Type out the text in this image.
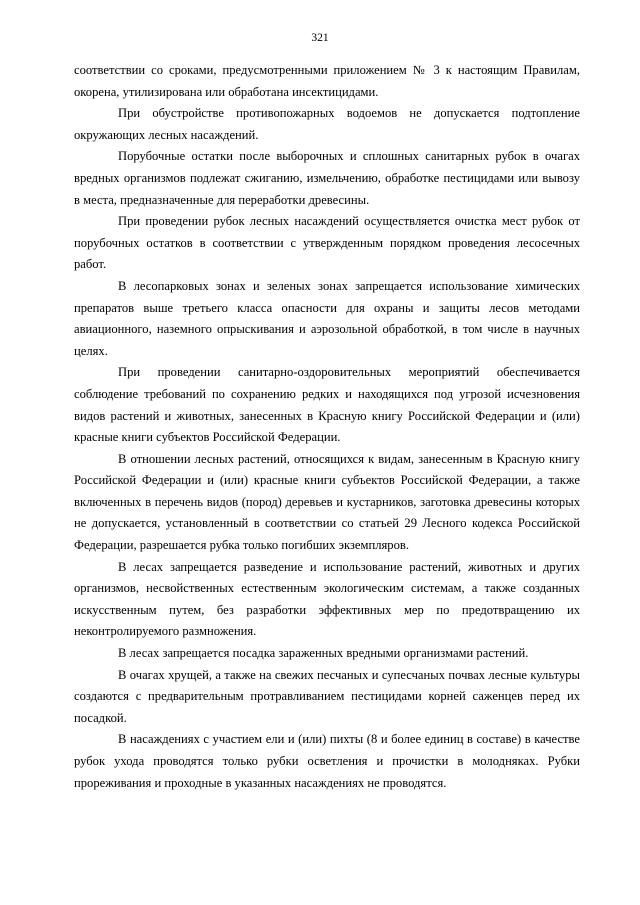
321

соответствии со сроками, предусмотренными приложением № 3 к настоящим Правилам, окорена, утилизирована или обработана инсектицидами.

При обустройстве противопожарных водоемов не допускается подтопление окружающих лесных насаждений.

Порубочные остатки после выборочных и сплошных санитарных рубок в очагах вредных организмов подлежат сжиганию, измельчению, обработке пестицидами или вывозу в места, предназначенные для переработки древесины.

При проведении рубок лесных насаждений осуществляется очистка мест рубок от порубочных остатков в соответствии с утвержденным порядком проведения лесосечных работ.

В лесопарковых зонах и зеленых зонах запрещается использование химических препаратов выше третьего класса опасности для охраны и защиты лесов методами авиационного, наземного опрыскивания и аэрозольной обработкой, в том числе в научных целях.

При проведении санитарно-оздоровительных мероприятий обеспечивается соблюдение требований по сохранению редких и находящихся под угрозой исчезновения видов растений и животных, занесенных в Красную книгу Российской Федерации и (или) красные книги субъектов Российской Федерации.

В отношении лесных растений, относящихся к видам, занесенным в Красную книгу Российской Федерации и (или) красные книги субъектов Российской Федерации, а также включенных в перечень видов (пород) деревьев и кустарников, заготовка древесины которых не допускается, установленный в соответствии со статьей 29 Лесного кодекса Российской Федерации, разрешается рубка только погибших экземпляров.

В лесах запрещается разведение и использование растений, животных и других организмов, несвойственных естественным экологическим системам, а также созданных искусственным путем, без разработки эффективных мер по предотвращению их неконтролируемого размножения.

В лесах запрещается посадка зараженных вредными организмами растений.

В очагах хрущей, а также на свежих песчаных и супесчаных почвах лесные культуры создаются с предварительным протравливанием пестицидами корней саженцев перед их посадкой.

В насаждениях с участием ели и (или) пихты (8 и более единиц в составе) в качестве рубок ухода проводятся только рубки осветления и прочистки в молодняках. Рубки прореживания и проходные в указанных насаждениях не проводятся.
